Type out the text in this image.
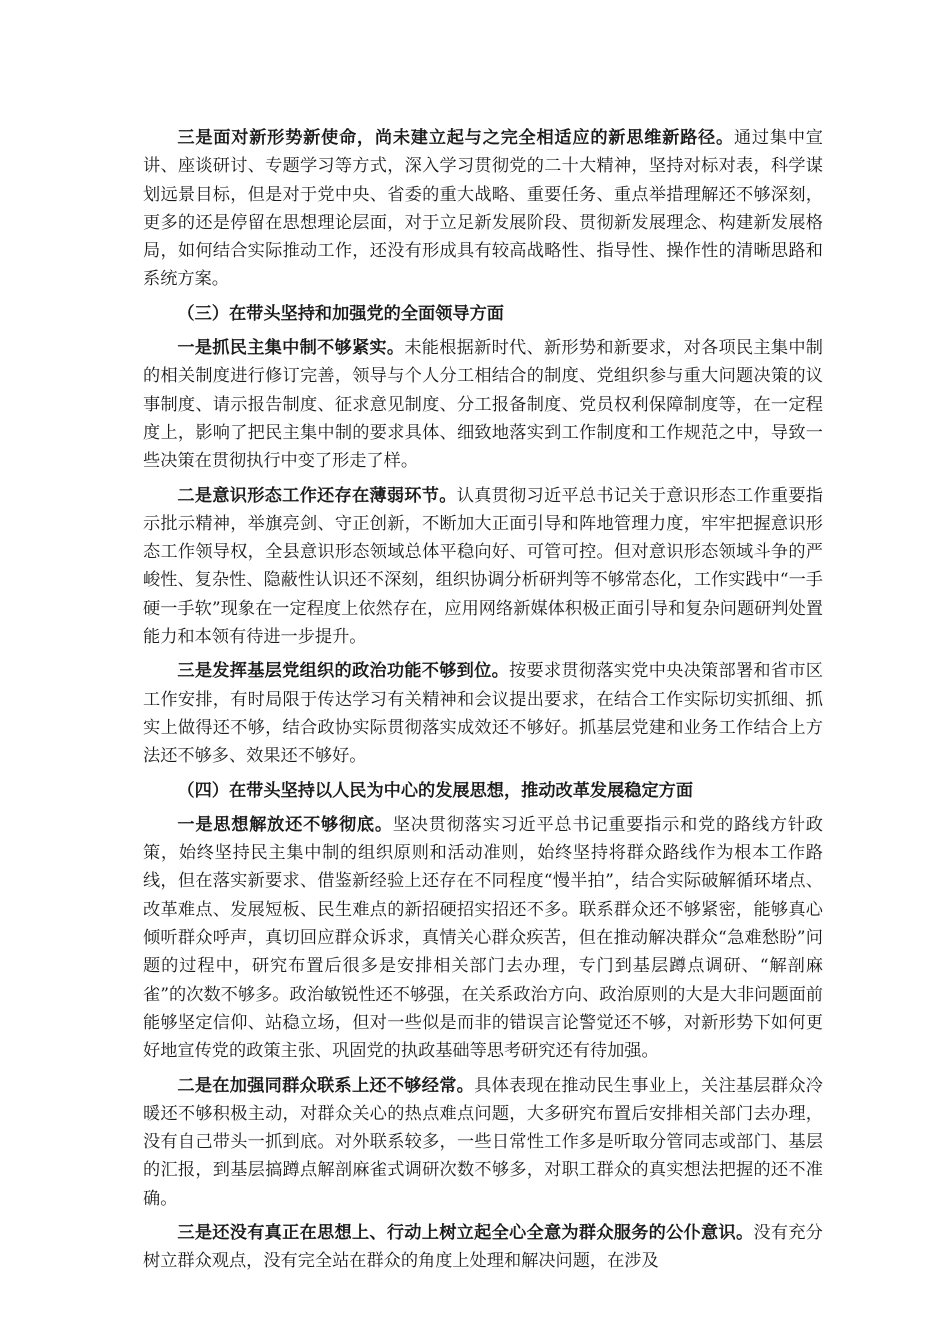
三是面对新形势新使命，尚未建立起与之完全相适应的新思维新路径。通过集中宣讲、座谈研讨、专题学习等方式，深入学习贯彻党的二十大精神，坚持对标对表，科学谋划远景目标，但是对于党中央、省委的重大战略、重要任务、重点举措理解还不够深刻，更多的还是停留在思想理论层面，对于立足新发展阶段、贯彻新发展理念、构建新发展格局，如何结合实际推动工作，还没有形成具有较高战略性、指导性、操作性的清晰思路和系统方案。

（三）在带头坚持和加强党的全面领导方面

一是抓民主集中制不够紧实。未能根据新时代、新形势和新要求，对各项民主集中制的相关制度进行修订完善，领导与个人分工相结合的制度、党组织参与重大问题决策的议事制度、请示报告制度、征求意见制度、分工报备制度、党员权利保障制度等，在一定程度上，影响了把民主集中制的要求具体、细致地落实到工作制度和工作规范之中，导致一些决策在贯彻执行中变了形走了样。

二是意识形态工作还存在薄弱环节。认真贯彻习近平总书记关于意识形态工作重要指示批示精神，举旗亮剑、守正创新，不断加大正面引导和阵地管理力度，牢牢把握意识形态工作领导权，全县意识形态领域总体平稳向好、可管可控。但对意识形态领域斗争的严峻性、复杂性、隐蔽性认识还不深刻，组织协调分析研判等不够常态化，工作实践中“一手硬一手软”现象在一定程度上依然存在，应用网络新媒体积极正面引导和复杂问题研判处置能力和本领有待进一步提升。

三是发挥基层党组织的政治功能不够到位。按要求贯彻落实党中央决策部署和省市区工作安排，有时局限于传达学习有关精神和会议提出要求，在结合工作实际切实抓细、抓实上做得还不够，结合政协实际贯彻落实成效还不够好。抓基层党建和业务工作结合上方法还不够多、效果还不够好。

（四）在带头坚持以人民为中心的发展思想，推动改革发展稳定方面

一是思想解放还不够彻底。坚决贯彻落实习近平总书记重要指示和党的路线方针政策，始终坚持民主集中制的组织原则和活动准则，始终坚持将群众路线作为根本工作路线，但在落实新要求、借鉴新经验上还存在不同程度“慢半拍”，结合实际破解循环堵点、改革难点、发展短板、民生难点的新招硬招实招还不多。联系群众还不够紧密，能够真心倾听群众呼声，真切回应群众诉求，真情关心群众疾苦，但在推动解决群众“急难愁盼”问题的过程中，研究布置后很多是安排相关部门去办理，专门到基层蹲点调研、“解剖麻雀”的次数不够多。政治敏锐性还不够强，在关系政治方向、政治原则的大是大非问题面前能够坚定信仰、站稳立场，但对一些似是而非的错误言论警觉还不够，对新形势下如何更好地宣传党的政策主张、巩固党的执政基础等思考研究还有待加强。

二是在加强同群众联系上还不够经常。具体表现在推动民生事业上，关注基层群众冷暖还不够积极主动，对群众关心的热点难点问题，大多研究布置后安排相关部门去办理，没有自己带头一抓到底。对外联系较多，一些日常性工作多是听取分管同志或部门、基层的汇报，到基层搞蹲点解剖麻雀式调研次数不够多，对职工群众的真实想法把握的还不准确。

三是还没有真正在思想上、行动上树立起全心全意为群众服务的公仆意识。没有充分树立群众观点，没有完全站在群众的角度上处理和解决问题，在涉及
